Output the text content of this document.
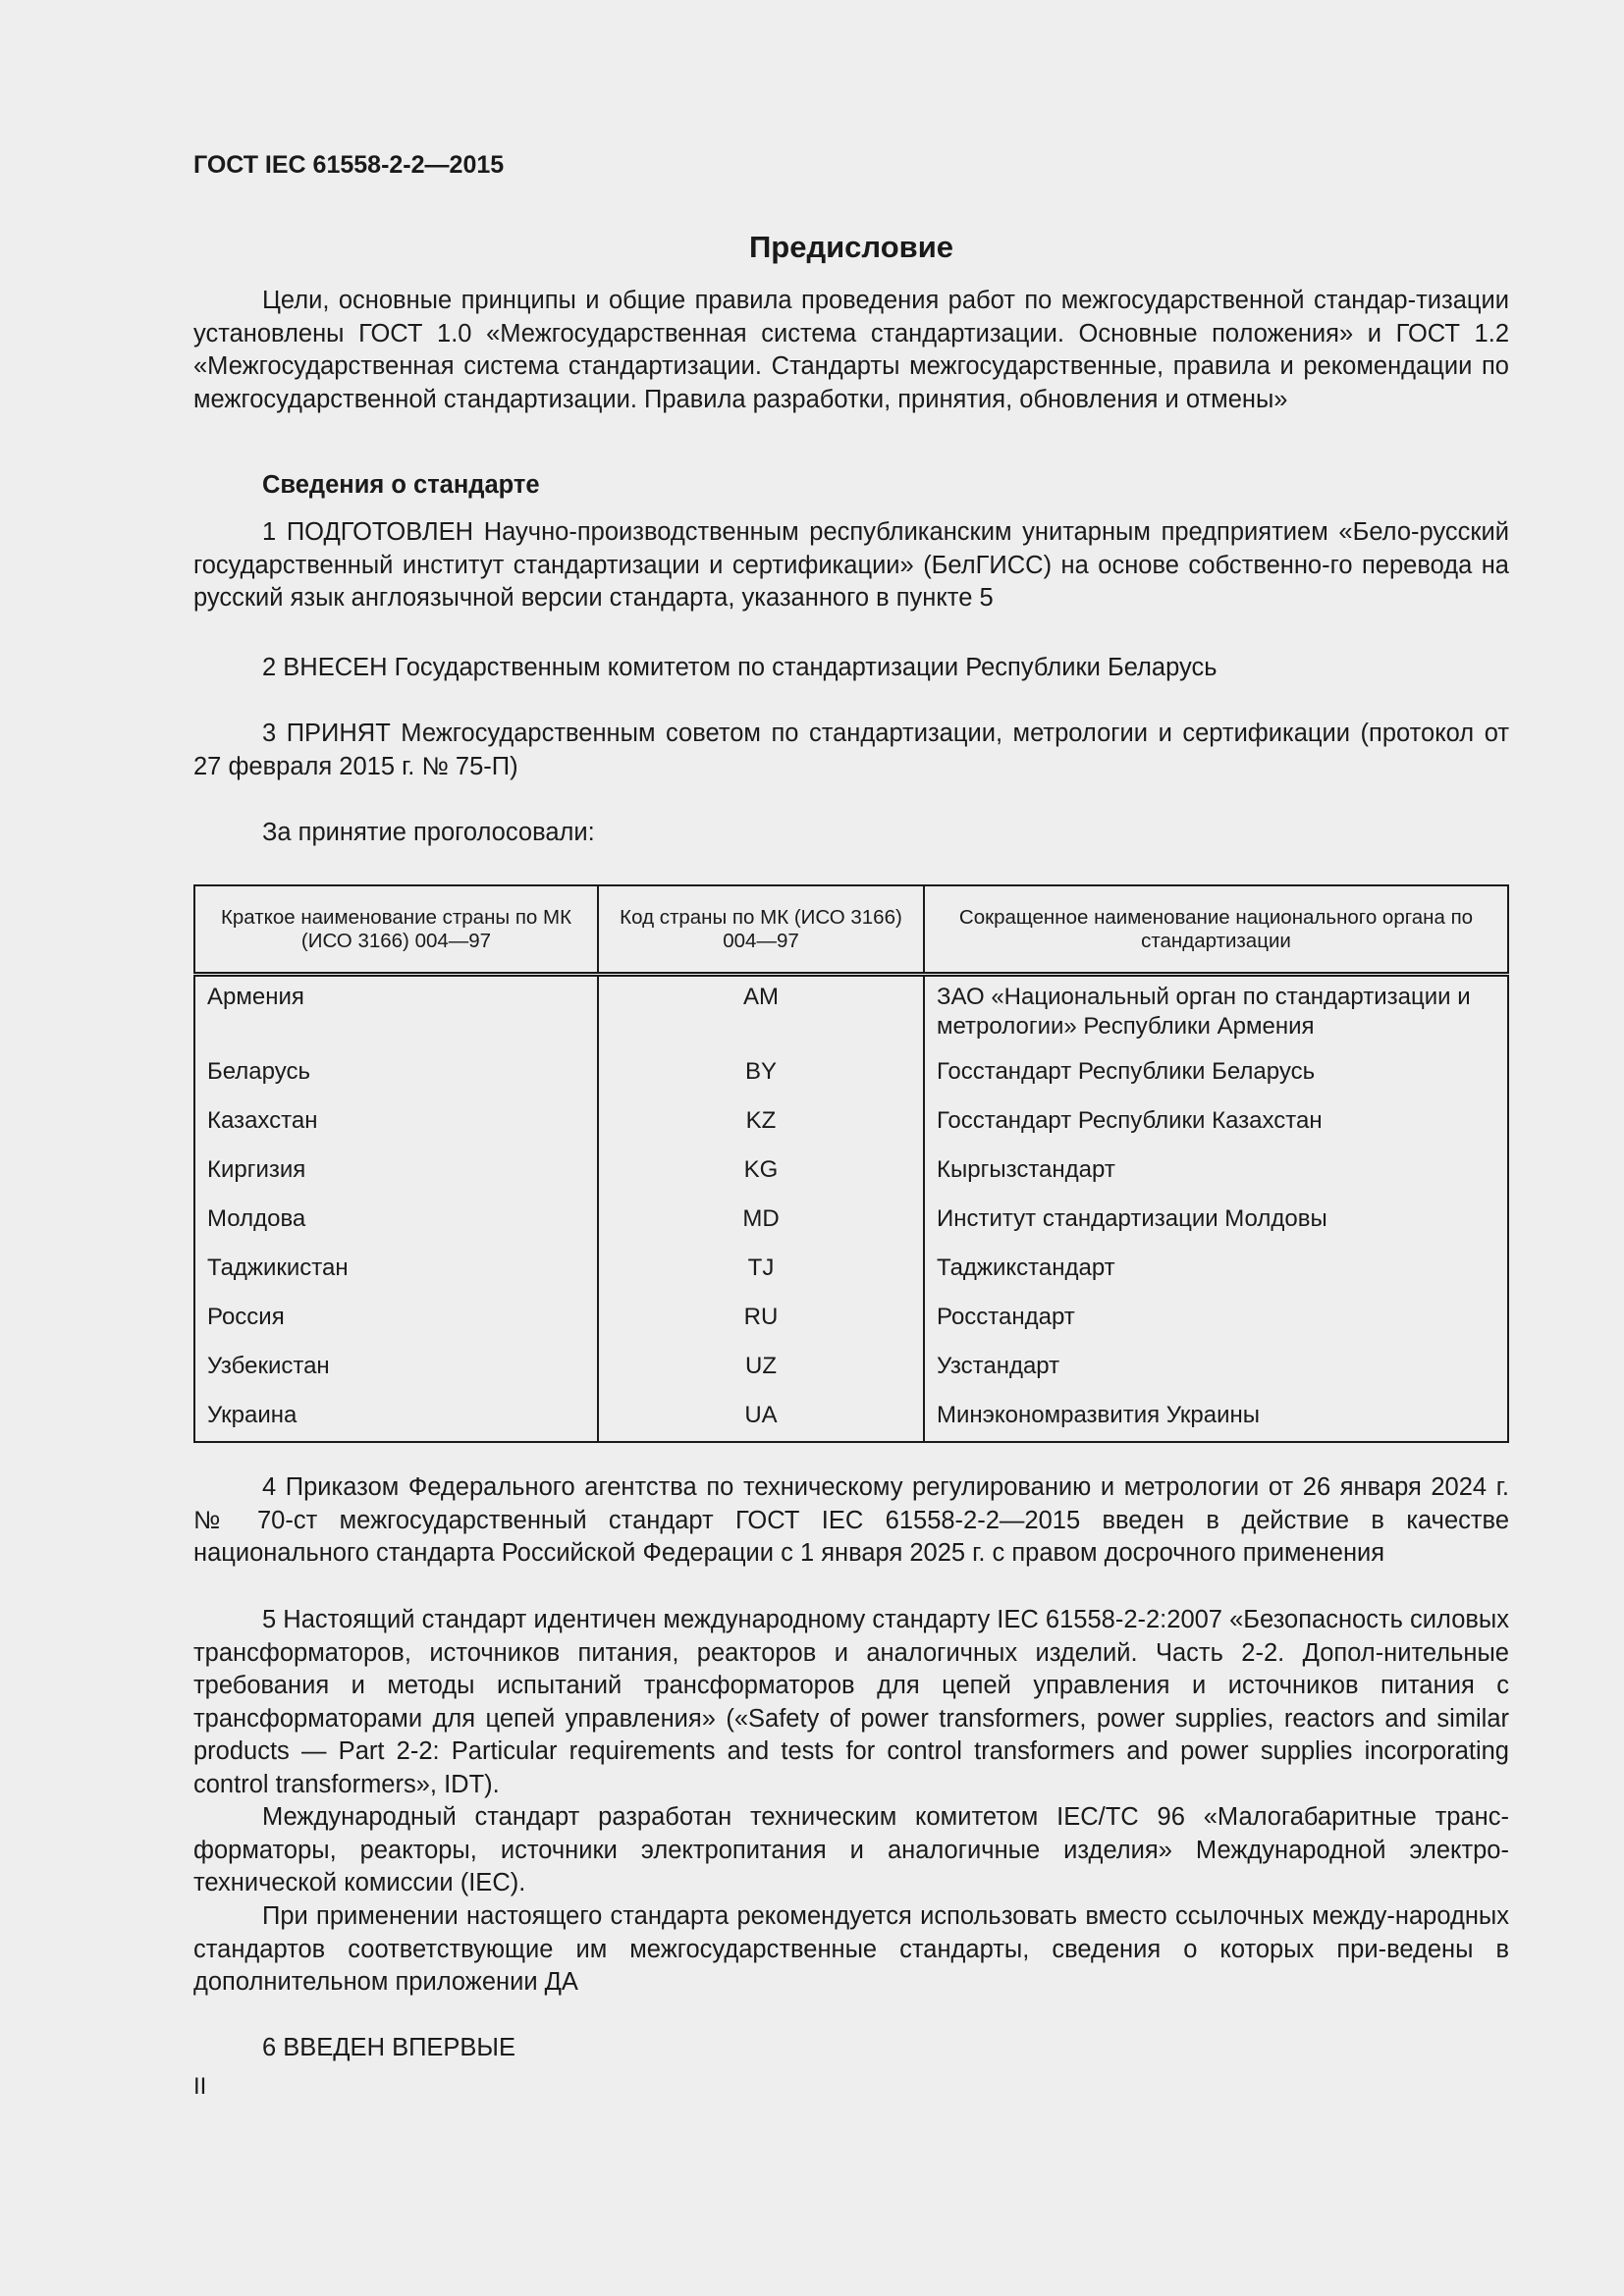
ГОСТ IEC 61558-2-2—2015

Предисловие

Цели, основные принципы и общие правила проведения работ по межгосударственной стандар-тизации установлены ГОСТ 1.0 «Межгосударственная система стандартизации. Основные положения» и ГОСТ 1.2 «Межгосударственная система стандартизации. Стандарты межгосударственные, правила и рекомендации по межгосударственной стандартизации. Правила разработки, принятия, обновления и отмены»

Сведения о стандарте

1 ПОДГОТОВЛЕН Научно-производственным республиканским унитарным предприятием «Бело-русский государственный институт стандартизации и сертификации» (БелГИСС) на основе собственно-го перевода на русский язык англоязычной версии стандарта, указанного в пункте 5

2 ВНЕСЕН Государственным комитетом по стандартизации Республики Беларусь

3 ПРИНЯТ Межгосударственным советом по стандартизации, метрологии и сертификации (протокол от 27 февраля 2015 г. № 75-П)

За принятие проголосовали:

Краткое наименование страны по МК (ИСО 3166) 004—97	Код страны по МК (ИСО 3166) 004—97	Сокращенное наименование национального органа по стандартизации
Армения	AM	ЗАО «Национальный орган по стандартизации и метрологии» Республики Армения
Беларусь	BY	Госстандарт Республики Беларусь
Казахстан	KZ	Госстандарт Республики Казахстан
Киргизия	KG	Кыргызстандарт
Молдова	MD	Институт стандартизации Молдовы
Таджикистан	TJ	Таджикстандарт
Россия	RU	Росстандарт
Узбекистан	UZ	Узстандарт
Украина	UA	Минэкономразвития Украины

4 Приказом Федерального агентства по техническому регулированию и метрологии от 26 января 2024 г. № 70-ст межгосударственный стандарт ГОСТ IEC 61558-2-2—2015 введен в действие в качестве национального стандарта Российской Федерации с 1 января 2025 г. с правом досрочного применения

5 Настоящий стандарт идентичен международному стандарту IEC 61558-2-2:2007 «Безопасность силовых трансформаторов, источников питания, реакторов и аналогичных изделий. Часть 2-2. Допол-нительные требования и методы испытаний трансформаторов для цепей управления и источников питания с трансформаторами для цепей управления» («Safety of power transformers, power supplies, reactors and similar products — Part 2-2: Particular requirements and tests for control transformers and power supplies incorporating control transformers», IDT).

Международный стандарт разработан техническим комитетом IEC/TC 96 «Малогабаритные транс-форматоры, реакторы, источники электропитания и аналогичные изделия» Международной электро-технической комиссии (IEC).

При применении настоящего стандарта рекомендуется использовать вместо ссылочных между-народных стандартов соответствующие им межгосударственные стандарты, сведения о которых при-ведены в дополнительном приложении ДА

6 ВВЕДЕН ВПЕРВЫЕ

II
